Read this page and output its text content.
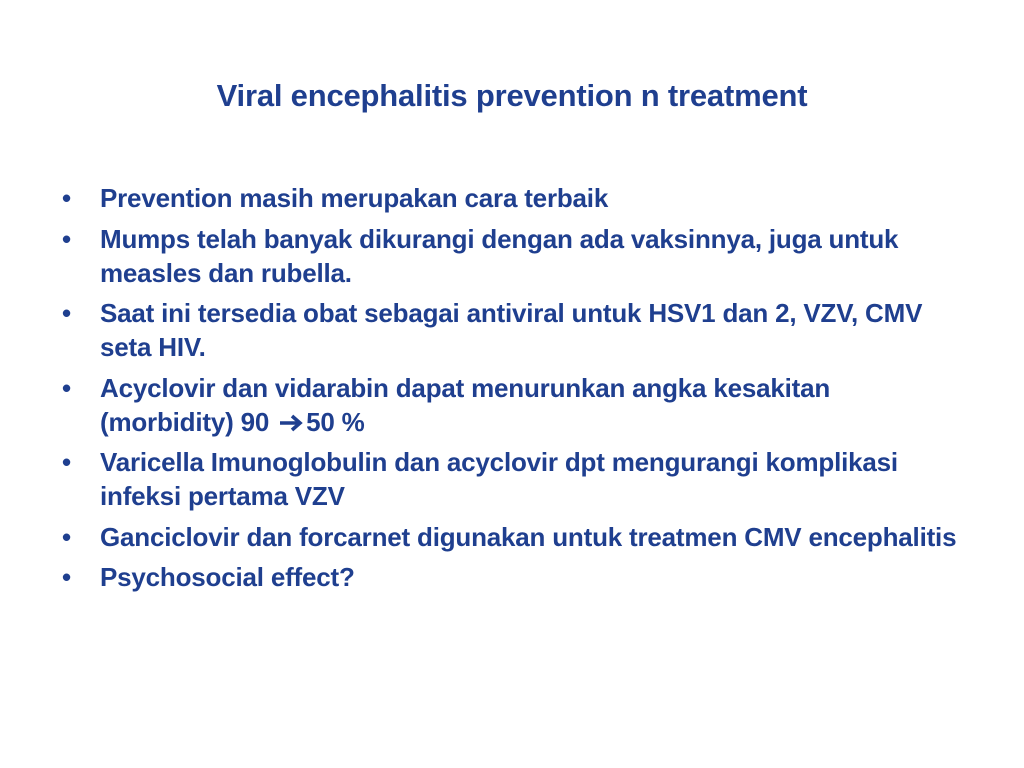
Viral encephalitis prevention n treatment
•	Prevention masih merupakan cara terbaik
•	Mumps telah banyak dikurangi dengan ada vaksinnya, juga untuk measles dan rubella.
•	Saat ini tersedia obat sebagai antiviral untuk HSV1 dan 2, VZV, CMV seta HIV.
•	Acyclovir dan vidarabin dapat menurunkan angka kesakitan (morbidity) 90 50 %
•	Varicella Imunoglobulin dan acyclovir dpt mengurangi komplikasi infeksi pertama VZV
•	Ganciclovir dan forcarnet digunakan untuk treatmen CMV encephalitis
•	Psychosocial effect?
